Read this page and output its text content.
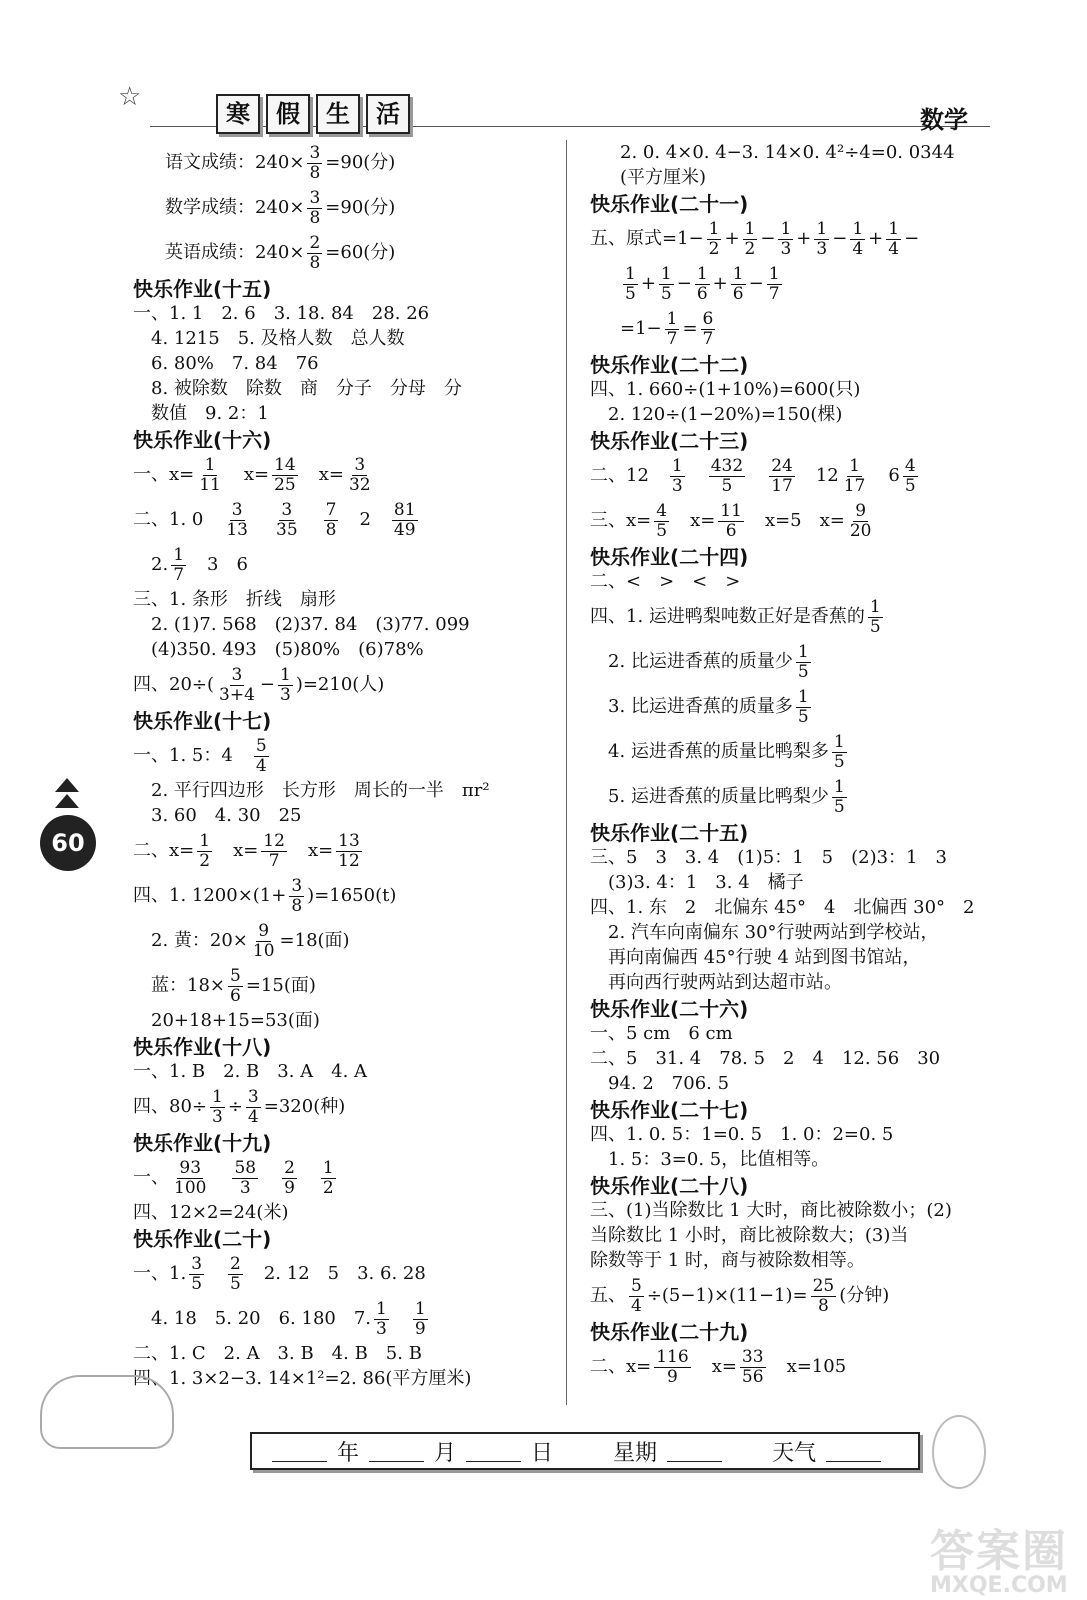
☆
寒	假	生	活	数学
60
语文成绩：$240\times \frac{3}{8} =90$(分)
数学成绩：$240\times \frac{3}{8} =90$(分)
英语成绩：$240\times \frac{2}{8} =60$(分)
快乐作业(十五)
一、1. 1　2. 6　3. 18. 84　28. 26
　4. 1215　5. 及格人数　总人数
　6. 80%　7. 84　76
　8. 被除数　除数　商　分子　分母　分
　数值　9. 2：1
快乐作业(十六)
一、$x= \frac{1}{11}$
　 $x= \frac{14}{25}$
　 $x= \frac{3}{32}$
二、1. 0　 $\frac{3}{13}$
　 $\frac{3}{35}$
　 $\frac{7}{8}$
　 2　 $\frac{81}{49}$
　2. $\frac{1}{7}$
　 3　6
三、1. 条形　折线　扇形
　2. (1)7. 568　(2)37. 84　(3)77. 099
　(4)350. 493　(5)80%　(6)78%
四、$20\div( \frac{3}{3+4} - \frac{1}{3} )=210$(人)
快乐作业(十七)
一、1. 5：4　 $\frac{5}{4}$
　2. 平行四边形　长方形　周长的一半　πr²
　3. 60　4. 30　25
二、$x= \frac{1}{2}$
　 $x= \frac{12}{7}$
　 $x= \frac{13}{12}$
四、1. $1200\times(1+ \frac{3}{8} )=1650(t)$
　2. 黄：$20\times \frac{9}{10} =18$(面)
　蓝：$18\times \frac{5}{6} =15$(面)
　20+18+15=53(面)
快乐作业(十八)
一、1. B　2. B　3. A　4. A
四、$80\div \frac{1}{3} \div \frac{3}{4} =320$(种)
快乐作业(十九)
一、 $\frac{93}{100}$
　 $\frac{58}{3}$
　 $\frac{2}{9}$
　 $\frac{1}{2}$
四、12×2=24(米)
快乐作业(二十)
一、1. $\frac{3}{5}$
　 $\frac{2}{5}$
　 2. 12　5　3. 6. 28
　4. 18　5. 20　6. 180　7. $\frac{1}{3}$
　 $\frac{1}{9}$
二、1. C　2. A　3. B　4. B　5. B
四、1. 3×2−3. 14×1²=2. 86(平方厘米)
2. 0. 4×0. 4−3. 14×0. 4²÷4=0. 0344
(平方厘米)
快乐作业(二十一)
五、原式$=1- \frac{1}{2} + \frac{1}{2} - \frac{1}{3} + \frac{1}{3} - \frac{1}{4} + \frac{1}{4}$ −
$\frac{1}{5} + \frac{1}{5} - \frac{1}{6} + \frac{1}{6} - \frac{1}{7}$
$=1- \frac{1}{7} = \frac{6}{7}$
快乐作业(二十二)
四、1. 660÷(1+10%)=600(只)
　2. 120÷(1−20%)=150(棵)
快乐作业(二十三)
二、12　 $\frac{1}{3}$
　 $\frac{432}{5}$
　 $\frac{24}{17}$
　 $12 \frac{1}{17}$
　 $6 \frac{4}{5}$
三、$x= \frac{4}{5}$
　 $x= \frac{11}{6}$
　 x=5　 $x= \frac{9}{20}$
快乐作业(二十四)
二、<　>　<　>
四、1. 运进鸭梨吨数正好是香蕉的 $\frac{1}{5}$
　2. 比运进香蕉的质量少 $\frac{1}{5}$
　3. 比运进香蕉的质量多 $\frac{1}{5}$
　4. 运进香蕉的质量比鸭梨多 $\frac{1}{5}$
　5. 运进香蕉的质量比鸭梨少 $\frac{1}{5}$
快乐作业(二十五)
三、5　3　3. 4　(1)5：1　5　(2)3：1　3
　(3)3. 4：1　3. 4　橘子
四、1. 东　2　北偏东 45°　4　北偏西 30°　2
　2. 汽车向南偏东 30°行驶两站到学校站，
　再向南偏西 45°行驶 4 站到图书馆站，
　再向西行驶两站到达超市站。
快乐作业(二十六)
一、5 cm　6 cm
二、5　31. 4　78. 5　2　4　12. 56　30
　94. 2　706. 5
快乐作业(二十七)
四、1. 0. 5：1=0. 5　1. 0：2=0. 5
　1. 5：3=0. 5，比值相等。
快乐作业(二十八)
三、(1)当除数比 1 大时，商比被除数小；(2)
当除数比 1 小时，商比被除数大；(3)当
除数等于 1 时，商与被除数相等。
五、 $\frac{5}{4} \div(5-1)\times(11-1)= \frac{25}{8}$ (分钟)
快乐作业(二十九)
二、$x= \frac{116}{9}$
　 $x= \frac{33}{56}$
　 x=105
年	月	日	星期	天气
答案圈
MXQE.COM
